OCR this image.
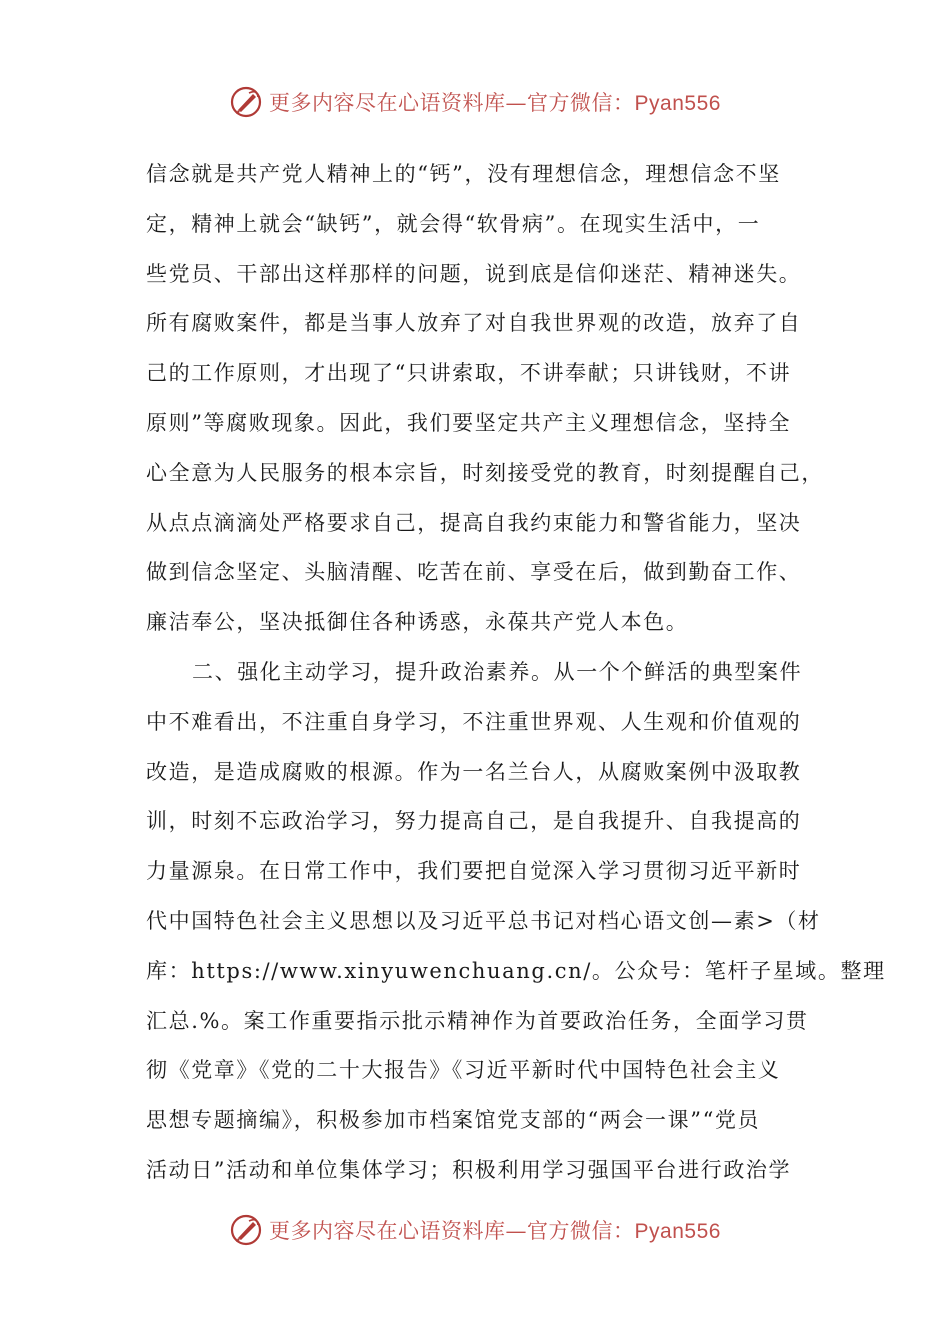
更多内容尽在心语资料库—官方微信：Pyan556
信念就是共产党人精神上的“钙”，没有理想信念，理想信念不坚
定，精神上就会“缺钙”，就会得“软骨病”。在现实生活中，一
些党员、干部出这样那样的问题，说到底是信仰迷茫、精神迷失。
所有腐败案件，都是当事人放弃了对自我世界观的改造，放弃了自
己的工作原则，才出现了“只讲索取，不讲奉献；只讲钱财，不讲
原则”等腐败现象。因此，我们要坚定共产主义理想信念，坚持全
心全意为人民服务的根本宗旨，时刻接受党的教育，时刻提醒自己，
从点点滴滴处严格要求自己，提高自我约束能力和警省能力，坚决
做到信念坚定、头脑清醒、吃苦在前、享受在后，做到勤奋工作、
廉洁奉公，坚决抵御住各种诱惑，永葆共产党人本色。
二、强化主动学习，提升政治素养。从一个个鲜活的典型案件
中不难看出，不注重自身学习，不注重世界观、人生观和价值观的
改造，是造成腐败的根源。作为一名兰台人，从腐败案例中汲取教
训，时刻不忘政治学习，努力提高自己，是自我提升、自我提高的
力量源泉。在日常工作中，我们要把自觉深入学习贯彻习近平新时
代中国特色社会主义思想以及习近平总书记对档心语文创—素>（材
库：https://www.xinyuwenchuang.cn/。公众号：笔杆子星域。整理
汇总.%。案工作重要指示批示精神作为首要政治任务，全面学习贯
彻《党章》《党的二十大报告》《习近平新时代中国特色社会主义
思想专题摘编》，积极参加市档案馆党支部的“两会一课”“党员
活动日”活动和单位集体学习；积极利用学习强国平台进行政治学
更多内容尽在心语资料库—官方微信：Pyan556
